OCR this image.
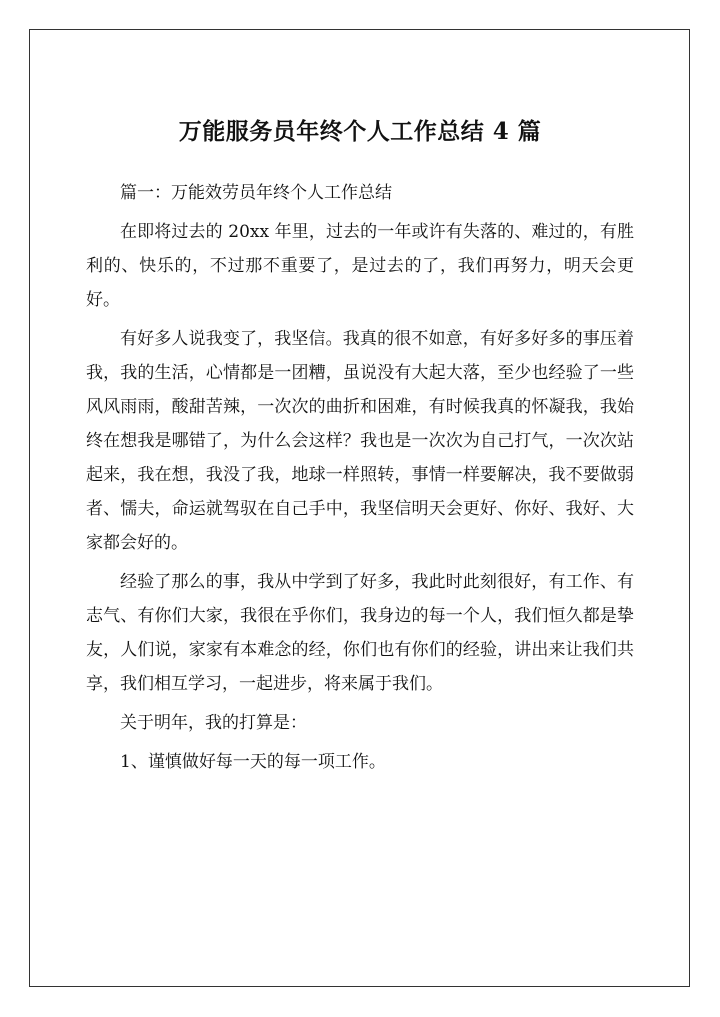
万能服务员年终个人工作总结 4 篇

篇一：万能效劳员年终个人工作总结

在即将过去的 20xx 年里，过去的一年或许有失落的、难过的，有胜利的、快乐的，不过那不重要了，是过去的了，我们再努力，明天会更好。

有好多人说我变了，我坚信。我真的很不如意，有好多好多的事压着我，我的生活，心情都是一团糟，虽说没有大起大落，至少也经验了一些风风雨雨，酸甜苦辣，一次次的曲折和困难，有时候我真的怀凝我，我始终在想我是哪错了，为什么会这样？我也是一次次为自己打气，一次次站起来，我在想，我没了我，地球一样照转，事情一样要解决，我不要做弱者、懦夫，命运就驾驭在自己手中，我坚信明天会更好、你好、我好、大家都会好的。

经验了那么的事，我从中学到了好多，我此时此刻很好，有工作、有志气、有你们大家，我很在乎你们，我身边的每一个人，我们恒久都是挚友，人们说，家家有本难念的经，你们也有你们的经验，讲出来让我们共享，我们相互学习，一起进步，将来属于我们。

关于明年，我的打算是：

1、谨慎做好每一天的每一项工作。
